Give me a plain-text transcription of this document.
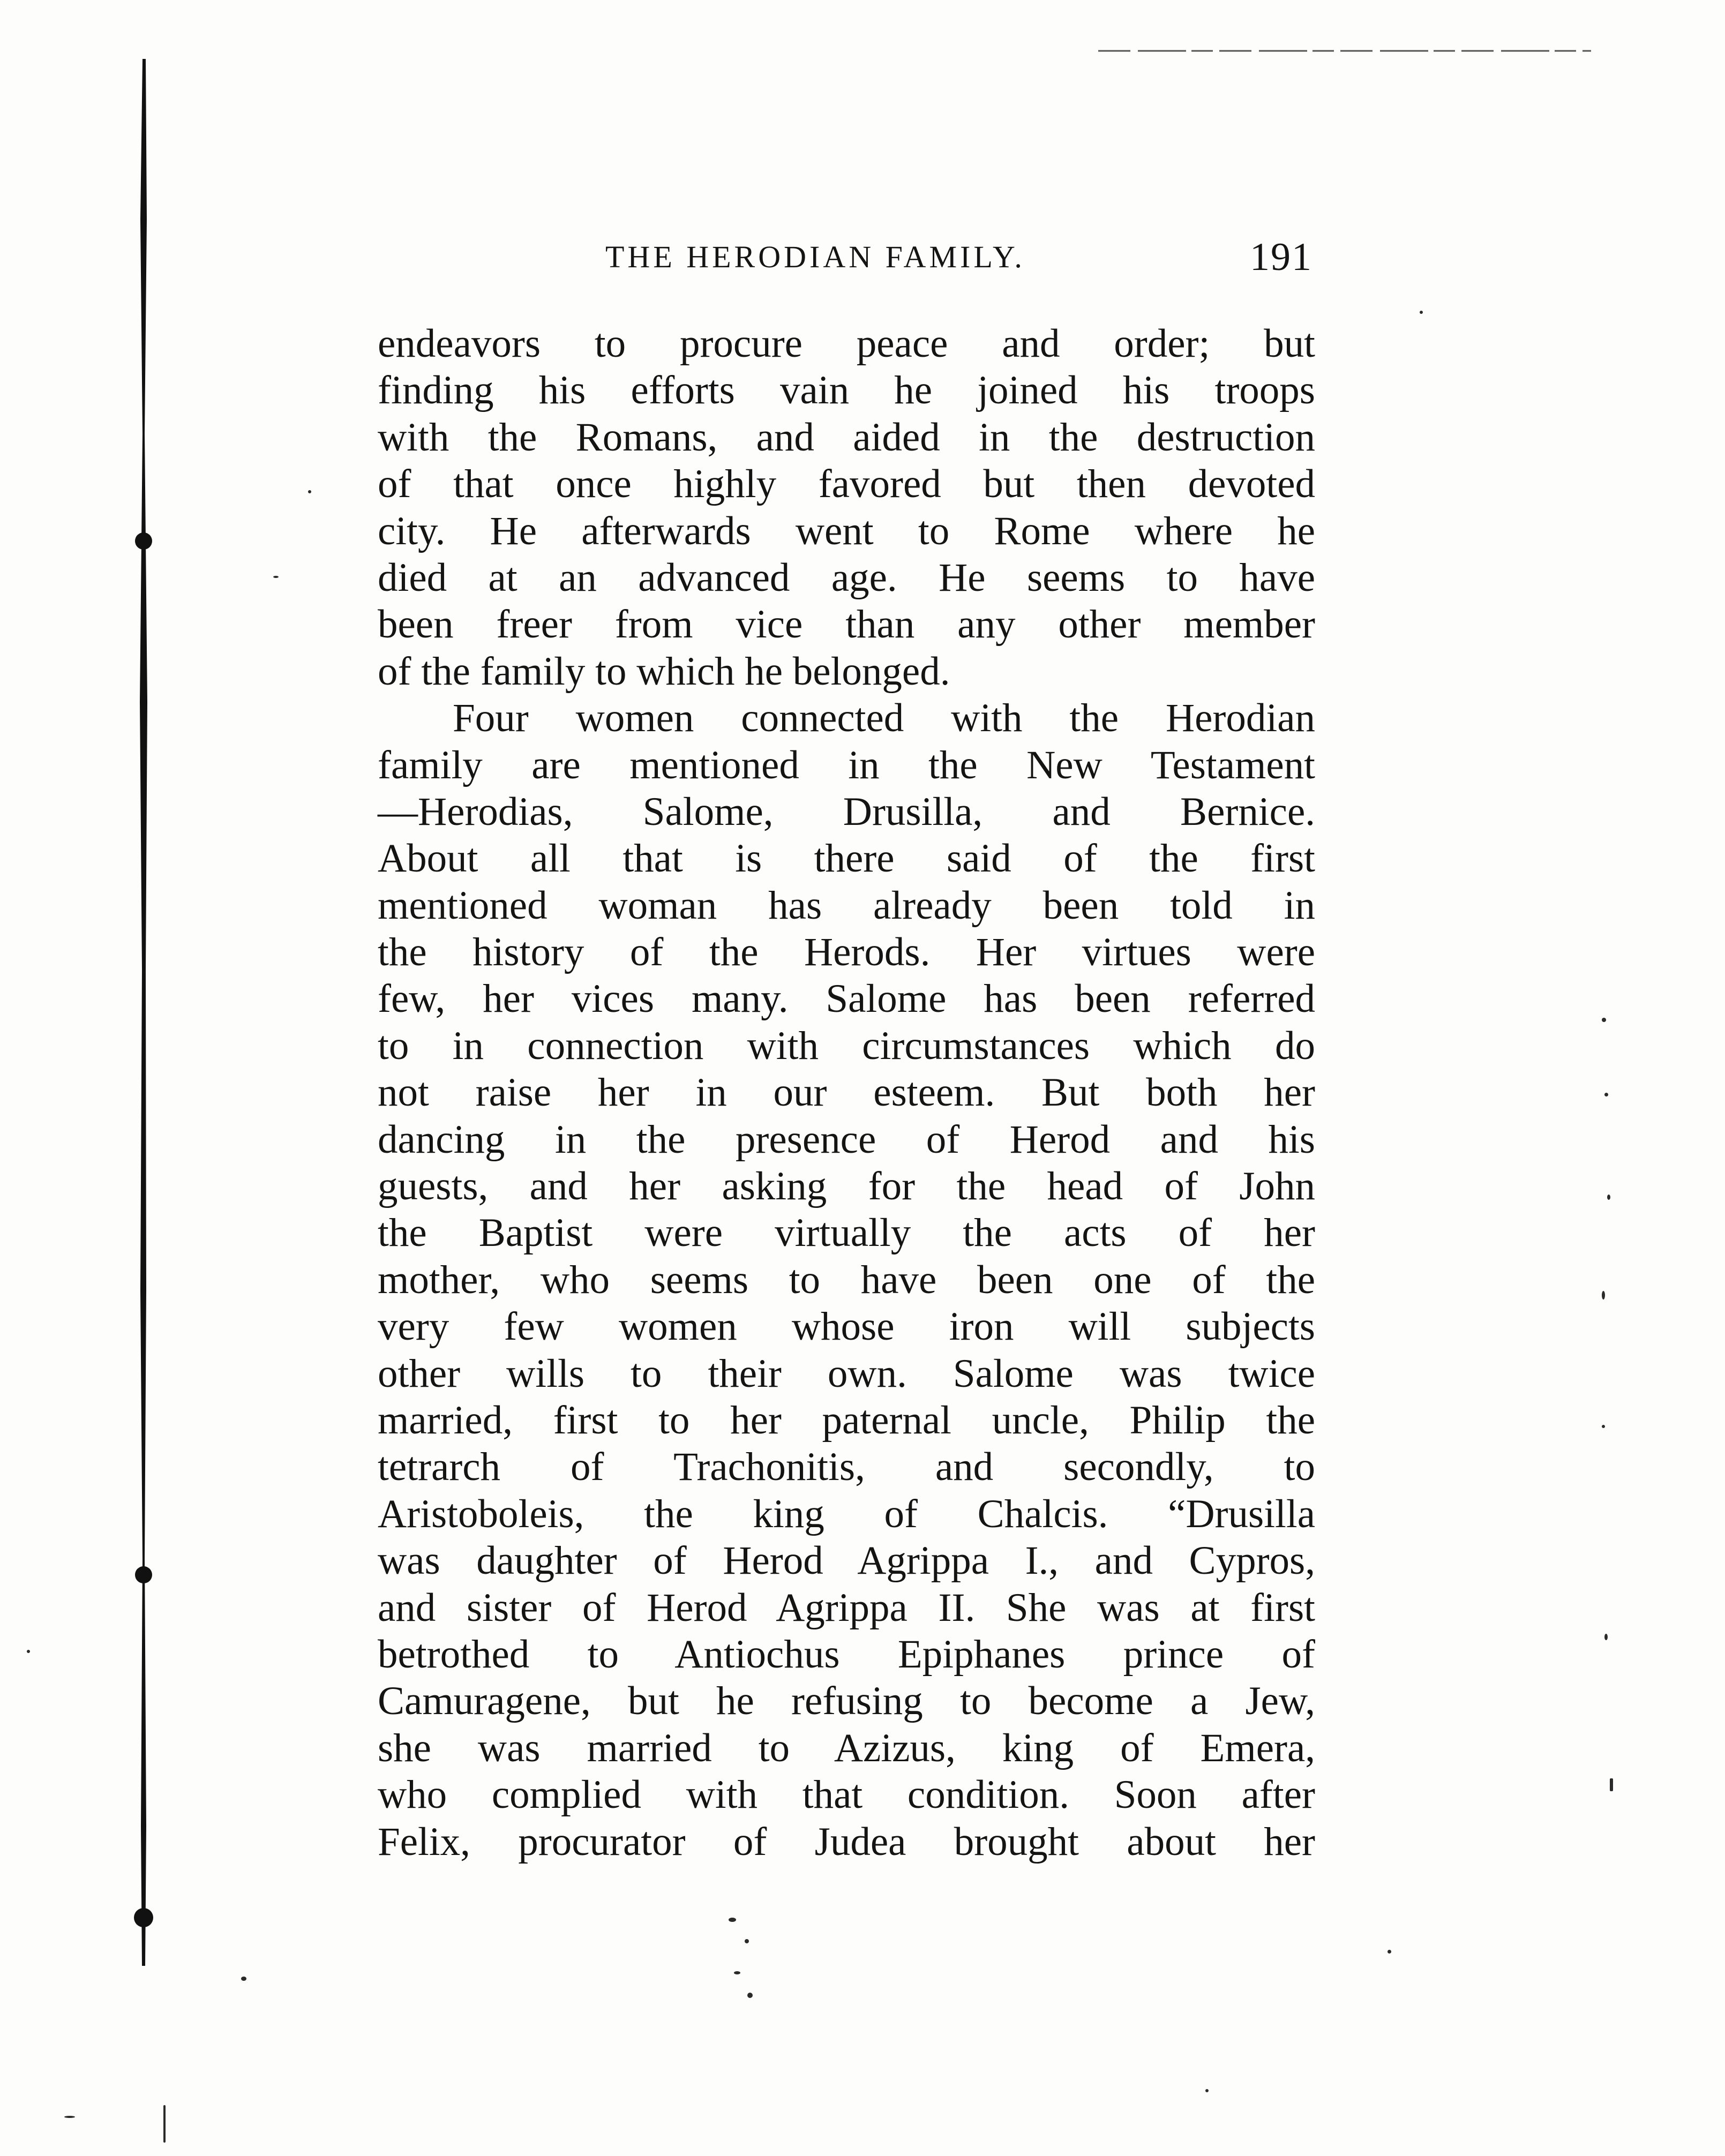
THE HERODIAN FAMILY.	191
endeavors to procure peace and order; but
finding his efforts vain he joined his troops
with the Romans, and aided in the destruction
of that once highly favored but then devoted
city. He afterwards went to Rome where he
died at an advanced age. He seems to have
been freer from vice than any other member
of the family to which he belonged.
Four women connected with the Herodian
family are mentioned in the New Testament
—Herodias, Salome, Drusilla, and Bernice.
About all that is there said of the first
mentioned woman has already been told in
the history of the Herods. Her virtues were
few, her vices many. Salome has been referred
to in connection with circumstances which do
not raise her in our esteem. But both her
dancing in the presence of Herod and his
guests, and her asking for the head of John
the Baptist were virtually the acts of her
mother, who seems to have been one of the
very few women whose iron will subjects
other wills to their own. Salome was twice
married, first to her paternal uncle, Philip the
tetrarch of Trachonitis, and secondly, to
Aristoboleis, the king of Chalcis. “Drusilla
was daughter of Herod Agrippa I., and Cypros,
and sister of Herod Agrippa II. She was at first
betrothed to Antiochus Epiphanes prince of
Camuragene, but he refusing to become a Jew,
she was married to Azizus, king of Emera,
who complied with that condition. Soon after
Felix, procurator of Judea brought about her
